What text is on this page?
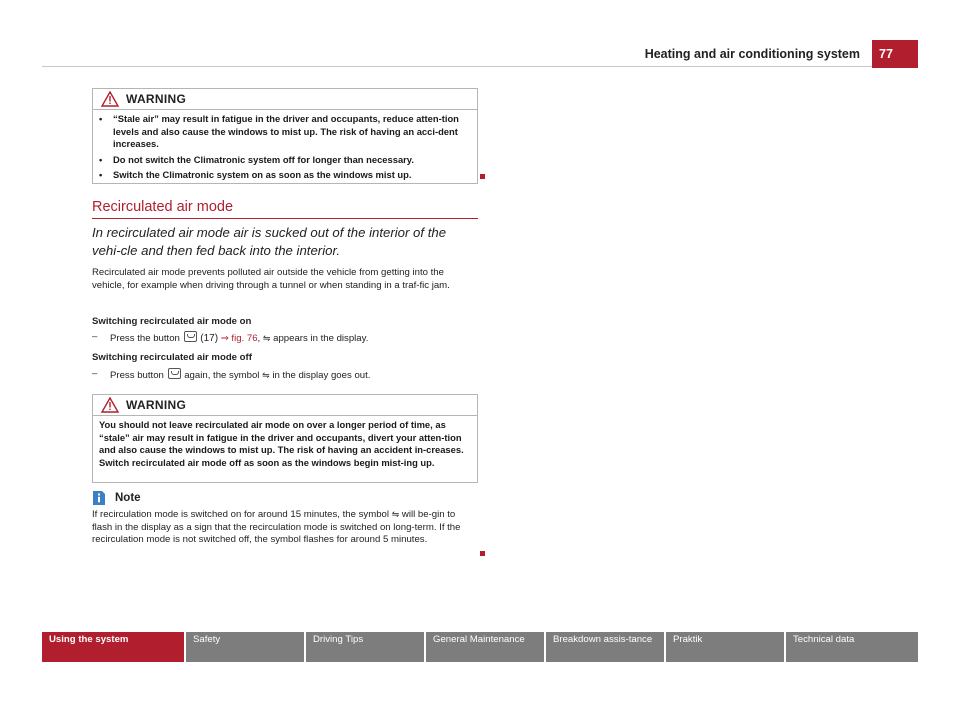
Heating and air conditioning system 77
WARNING
•	“Stale air” may result in fatigue in the driver and occupants, reduce atten-tion levels and also cause the windows to mist up. The risk of having an acci-dent increases.
•	Do not switch the Climatronic system off for longer than necessary.
•	Switch the Climatronic system on as soon as the windows mist up.
Recirculated air mode
In recirculated air mode air is sucked out of the interior of the vehi-cle and then fed back into the interior.
Recirculated air mode prevents polluted air outside the vehicle from getting into the vehicle, for example when driving through a tunnel or when standing in a traf-fic jam.
Switching recirculated air mode on
–	Press the button (17) ⇒ fig. 76, ⇋ appears in the display.
Switching recirculated air mode off
–	Press button again, the symbol ⇋ in the display goes out.
WARNING

You should not leave recirculated air mode on over a longer period of time, as “stale” air may result in fatigue in the driver and occupants, divert your atten-tion and also cause the windows to mist up. The risk of having an accident in-creases. Switch recirculated air mode off as soon as the windows begin mist-ing up.

Note
If recirculation mode is switched on for around 15 minutes, the symbol ⇋ will be-gin to flash in the display as a sign that the recirculation mode is switched on long-term. If the recirculation mode is not switched off, the symbol flashes for around 5 minutes.
Using the system	Safety	Driving Tips	General Maintenance	Breakdown assis-tance	Praktik	Technical data
